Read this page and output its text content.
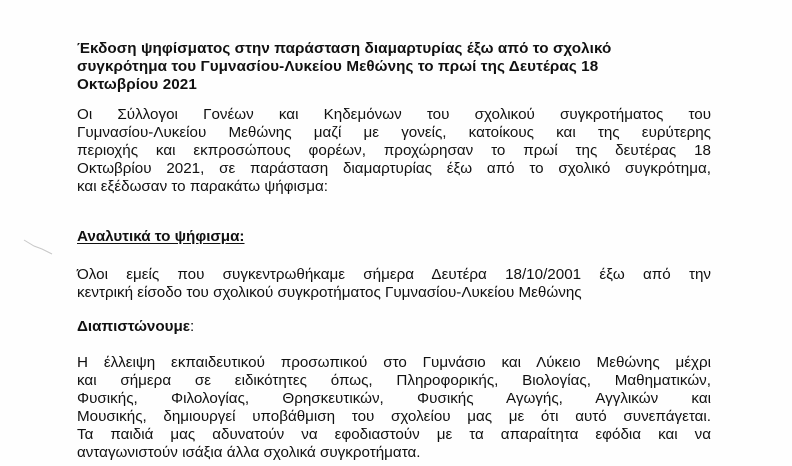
Έκδοση ψηφίσματος στην παράσταση διαμαρτυρίας έξω από το σχολικό
συγκρότημα του Γυμνασίου-Λυκείου Μεθώνης το πρωί της Δευτέρας 18
Οκτωβρίου 2021
Οι Σύλλογοι Γονέων και Κηδεμόνων του σχολικού συγκροτήματος του
Γυμνασίου-Λυκείου Μεθώνης μαζί με γονείς, κατοίκους και της ευρύτερης
περιοχής και εκπροσώπους φορέων, προχώρησαν το πρωί της δευτέρας 18
Οκτωβρίου 2021, σε παράσταση διαμαρτυρίας έξω από το σχολικό συγκρότημα,
και εξέδωσαν το παρακάτω ψήφισμα:
Αναλυτικά το ψήφισμα:
Όλοι εμείς που συγκεντρωθήκαμε σήμερα Δευτέρα 18/10/2001 έξω από την
κεντρική είσοδο του σχολικού συγκροτήματος Γυμνασίου-Λυκείου Μεθώνης
Διαπιστώνουμε:
Η έλλειψη εκπαιδευτικού προσωπικού στο Γυμνάσιο και Λύκειο Μεθώνης μέχρι
και σήμερα σε ειδικότητες όπως, Πληροφορικής, Βιολογίας, Μαθηματικών,
Φυσικής, Φιλολογίας, Θρησκευτικών, Φυσικής Αγωγής, Αγγλικών και
Μουσικής, δημιουργεί υποβάθμιση του σχολείου μας με ότι αυτό συνεπάγεται.
Τα παιδιά μας αδυνατούν να εφοδιαστούν με τα απαραίτητα εφόδια και να
ανταγωνιστούν ισάξια άλλα σχολικά συγκροτήματα.
